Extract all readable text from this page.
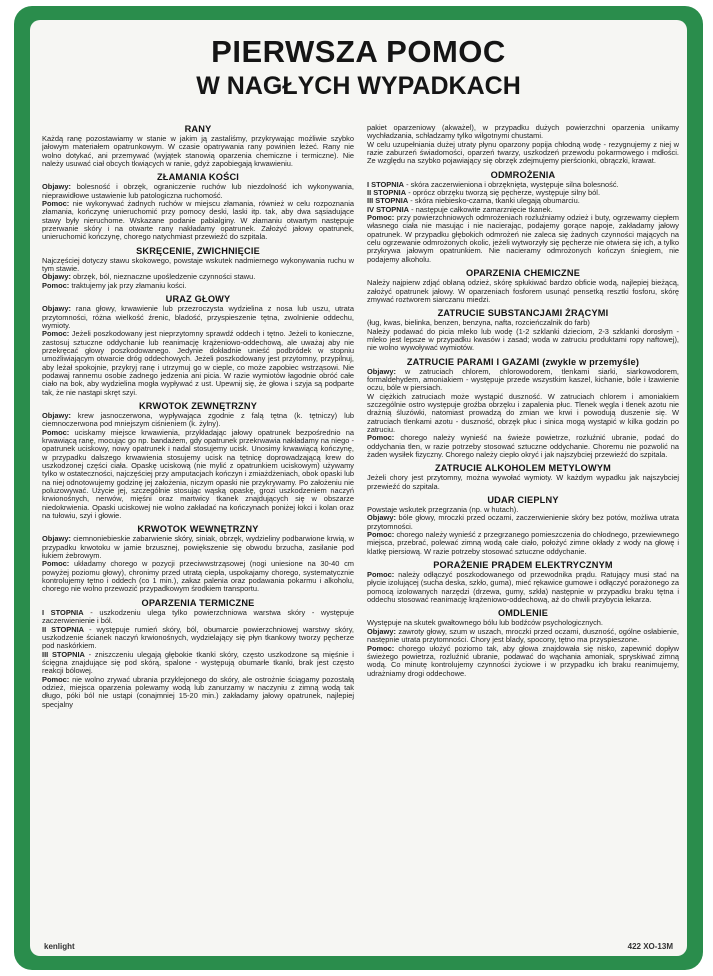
PIERWSZA POMOC
W NAGŁYCH WYPADKACH
RANY

Każdą ranę pozostawiamy w stanie w jakim ją zastaliśmy, przykrywając możliwie szybko jałowym materiałem opatrunkowym. W czasie opatrywania rany powinien leżeć. Rany nie wolno dotykać, ani przemywać (wyjątek stanowią oparzenia chemiczne i termiczne). Nie należy usuwać ciał obcych tkwiących w ranie, gdyż zapobiegają krwawieniu.

ZŁAMANIA KOŚCI

Objawy: bolesność i obrzęk, ograniczenie ruchów lub niezdolność ich wykonywania, nieprawidłowe ustawienie lub patologiczna ruchomość.

Pomoc: nie wykonywać żadnych ruchów w miejscu złamania, również w celu rozpoznania złamania, kończynę unieruchomić przy pomocy deski, laski itp. tak, aby dwa sąsiadujące stawy były nieruchome. Wskazane podanie pabialginy. W złamaniu otwartym następuje przerwanie skóry i na otwarte rany nakładamy opatrunek. Założyć jałowy opatrunek, unieruchomić kończynę, chorego natychmiast przewieźć do szpitala.

SKRĘCENIE, ZWICHNIĘCIE

Najczęściej dotyczy stawu skokowego, powstaje wskutek nadmiernego wykonywania ruchu w tym stawie.

Objawy: obrzęk, ból, nieznaczne upośledzenie czynności stawu.

Pomoc: traktujemy jak przy złamaniu kości.

URAZ GŁOWY

Objawy: rana głowy, krwawienie lub przezroczysta wydzielina z nosa lub uszu, utrata przytomności, różna wielkość źrenic, bladość, przyspieszenie tętna, zwolnienie oddechu, wymioty.

Pomoc: Jeżeli poszkodowany jest nieprzytomny sprawdź oddech i tętno. Jeżeli to konieczne, zastosuj sztuczne oddychanie lub reanimację krążeniowo-oddechową, ale uważaj aby nie przekręcać głowy poszkodowanego. Jedynie dokładnie unieść podbródek w stopniu umożliwiającym otwarcie dróg oddechowych. Jeżeli poszkodowany jest przytomny, przypilnuj, aby leżał spokojnie, przykryj ranę i utrzymuj go w cieple, co może zapobiec wstrząsowi. Nie podawaj rannemu osobie żadnego jedzenia ani picia. W razie wymiotów łagodnie obróć całe ciało na bok, aby wydzielina mogła wypływać z ust. Upewnij się, że głowa i szyja są podparte tak, że nie nastąpi skręt szyi.

KRWOTOK ZEWNĘTRZNY

Objawy: krew jasnoczerwona, wypływająca zgodnie z falą tętna (k. tętniczy) lub ciemnoczerwona pod mniejszym ciśnieniem (k. żylny).

Pomoc: uciskamy miejsce krwawienia, przykładając jałowy opatrunek bezpośrednio na krwawiącą ranę, mocując go np. bandażem, gdy opatrunek przekrwawia nakładamy na niego - opatrunek uciskowy, nowy opatrunek i nadal stosujemy ucisk. Unosimy krwawiącą kończynę, w przypadku dalszego krwawienia stosujemy ucisk na tętnicę doprowadzającą krew do uszkodzonej części ciała. Opaskę uciskową (nie mylić z opatrunkiem uciskowym) używamy tylko w ostateczności, najczęściej przy amputacjach kończyn i zmiażdżeniach, obok opaski lub na niej odnotowujemy godzinę jej założenia, niczym opaski nie przykrywamy. Po założeniu nie poluzowywać. Użycie jej, szczególnie stosując wąską opaskę, grozi uszkodzeniem naczyń krwionośnych, nerwów, mięśni oraz martwicy tkanek znajdujących się w obszarze niedokrwienia. Opaski uciskowej nie wolno zakładać na kończynach poniżej łokci i kolan oraz na tułowiu, szyi i głowie.

KRWOTOK WEWNĘTRZNY

Objawy: ciemnoniebieskie zabarwienie skóry, siniak, obrzęk, wydzieliny podbarwione krwią, w przypadku krwotoku w jamie brzusznej, powiększenie się obwodu brzucha, zasilanie pod łukiem żebrowym.

Pomoc: układamy chorego w pozycji przeciwwstrząsowej (nogi uniesione na 30-40 cm powyżej poziomu głowy), chronimy przed utratą ciepła, uspokajamy chorego, systematycznie kontrolujemy tętno i oddech (co 1 min.), zakaz palenia oraz podawania pokarmu i alkoholu, chorego nie wolno przewozić przypadkowym środkiem transportu.

OPARZENIA TERMICZNE

I STOPNIA - uszkodzeniu ulega tylko powierzchniowa warstwa skóry - występuje zaczerwienienie i ból.

II STOPNIA - występuje rumień skóry, ból, obumarcie powierzchniowej warstwy skóry, uszkodzenie ścianek naczyń krwionośnych, wydzielający się płyn tkankowy tworzy pęcherze pod naskórkiem.

III STOPNIA - zniszczeniu ulegają głębokie tkanki skóry, często uszkodzone są mięśnie i ścięgna znajdujące się pod skórą, spalone - występują obumarłe tkanki, brak jest często reakcji bólowej.

Pomoc: nie wolno zrywać ubrania przyklejonego do skóry, ale ostrożnie ściągamy pozostałą odzież, miejsca oparzenia polewamy wodą lub zanurzamy w naczyniu z zimną wodą tak długo, póki ból nie ustąpi (conajmniej 15-20 min.) zakładamy jałowy opatrunek, najlepiej specjalny

pakiet oparzeniowy (akważel), w przypadku dużych powierzchni oparzenia unikamy wychładzania, schładzamy tylko wilgotnymi chustami.

W celu uzupełniania dużej utraty płynu oparzony popija chłodną wodę - rezygnujemy z niej w razie zaburzeń świadomości, oparzeń twarzy, uszkodzeń przewodu pokarmowego i mdłości. Ze względu na szybko pojawiający się obrzęk zdejmujemy pierścionki, obrączki, krawat.

ODMROŻENIA

I STOPNIA - skóra zaczerwieniona i obrzęknięta, występuje silna bolesność.

II STOPNIA - oprócz obrzęku tworzą się pęcherze, występuje silny ból.

III STOPNIA - skóra niebiesko-czarna, tkanki ulegają obumarciu.

IV STOPNIA - następuje całkowite zamarznięcie tkanek.

Pomoc: przy powierzchniowych odmrożeniach rozluźniamy odzież i buty, ogrzewamy ciepłem własnego ciała nie masując i nie nacierając, podajemy gorące napoje, zakładamy jałowy opatrunek. W przypadku głębokich odmrożeń nie zaleca się żadnych czynności mających na celu ogrzewanie odmrożonych okolic, jeżeli wytworzyły się pęcherze nie otwiera się ich, a tylko przykrywa jałowym opatrunkiem. Nie nacieramy odmrożonych kończyn śniegiem, nie podajemy alkoholu.

OPARZENIA CHEMICZNE

Należy najpierw zdjąć oblaną odzież, skórę spłukiwać bardzo obficie wodą, najlepiej bieżącą, założyć opatrunek jałowy. W oparzeniach fosforem usunąć pensetką resztki fosforu, skórę zmywać roztworem siarczanu miedzi.

ZATRUCIE SUBSTANCJAMI ŻRĄCYMI

(ług, kwas, bielinka, benzen, benzyna, nafta, rozcieńczalnik do farb)

Należy podawać do picia mleko lub wodę (1-2 szklanki dzieciom, 2-3 szklanki dorosłym - mleko jest lepsze w przypadku kwasów i zasad; woda w zatruciu produktami ropy naftowej), nie wolno wywoływać wymiotów.

ZATRUCIE PARAMI I GAZAMI (zwykle w przemyśle)

Objawy: w zatruciach chlorem, chlorowodorem, tlenkami siarki, siarkowodorem, formaldehydem, amoniakiem - występuje przede wszystkim kaszel, kichanie, bóle i łzawienie oczu, bóle w piersiach.

W ciężkich zatruciach może wystąpić duszność. W zatruciach chlorem i amoniakiem szczególnie ostro występuje groźba obrzęku i zapalenia płuc. Tlenek węgla i tlenek azotu nie drażnią śluzówki, natomiast prowadzą do zmian we krwi i powodują duszenie się. W zatruciach tlenkami azotu - duszność, obrzęk płuc i sinica mogą wystąpić w kilka godzin po zatruciu.

Pomoc: chorego należy wynieść na świeże powietrze, rozluźnić ubranie, podać do oddychania tlen, w razie potrzeby stosować sztuczne oddychanie. Choremu nie pozwolić na żaden wysiłek fizyczny. Chorego należy ciepło okryć i jak najszybciej przewieźć do szpitala.

ZATRUCIE ALKOHOLEM METYLOWYM

Jeżeli chory jest przytomny, można wywołać wymioty. W każdym wypadku jak najszybciej przewieźć do szpitala.

UDAR CIEPLNY

Powstaje wskutek przegrzania (np. w hutach).

Objawy: bóle głowy, mroczki przed oczami, zaczerwienienie skóry bez potów, możliwa utrata przytomności.

Pomoc: chorego należy wynieść z przegrzanego pomieszczenia do chłodnego, przewiewnego miejsca, przebrać, polewać zimną wodą całe ciało, położyć zimne okłady z wody na głowę i klatkę piersiową. W razie potrzeby stosować sztuczne oddychanie.

PORAŻENIE PRĄDEM ELEKTRYCZNYM

Pomoc: należy odłączyć poszkodowanego od przewodnika prądu. Ratujący musi stać na płycie izolującej (sucha deska, szkło, guma), mieć rękawice gumowe i odłączyć porażonego za pomocą izolowanych narzędzi (drzewa, gumy, szkła) następnie w przypadku braku tętna i oddechu stosować reanimację krążeniowo-oddechową, aż do chwili przybycia lekarza.

OMDLENIE

Występuje na skutek gwałtownego bólu lub bodźców psychologicznych.

Objawy: zawroty głowy, szum w uszach, mroczki przed oczami, duszność, ogólne osłabienie, następnie utrata przytomności. Chory jest blady, spocony, tętno ma przyspieszone.

Pomoc: chorego ułożyć poziomo tak, aby głowa znajdowała się nisko, zapewnić dopływ świeżego powietrza, rozluźnić ubranie, podawać do wąchania amoniak, spryskiwać zimną wodą. Co minutę kontrolujemy czynności życiowe i w przypadku ich braku reanimujemy, udrażniamy drogi oddechowe.

kenlight	422 XO-13M
